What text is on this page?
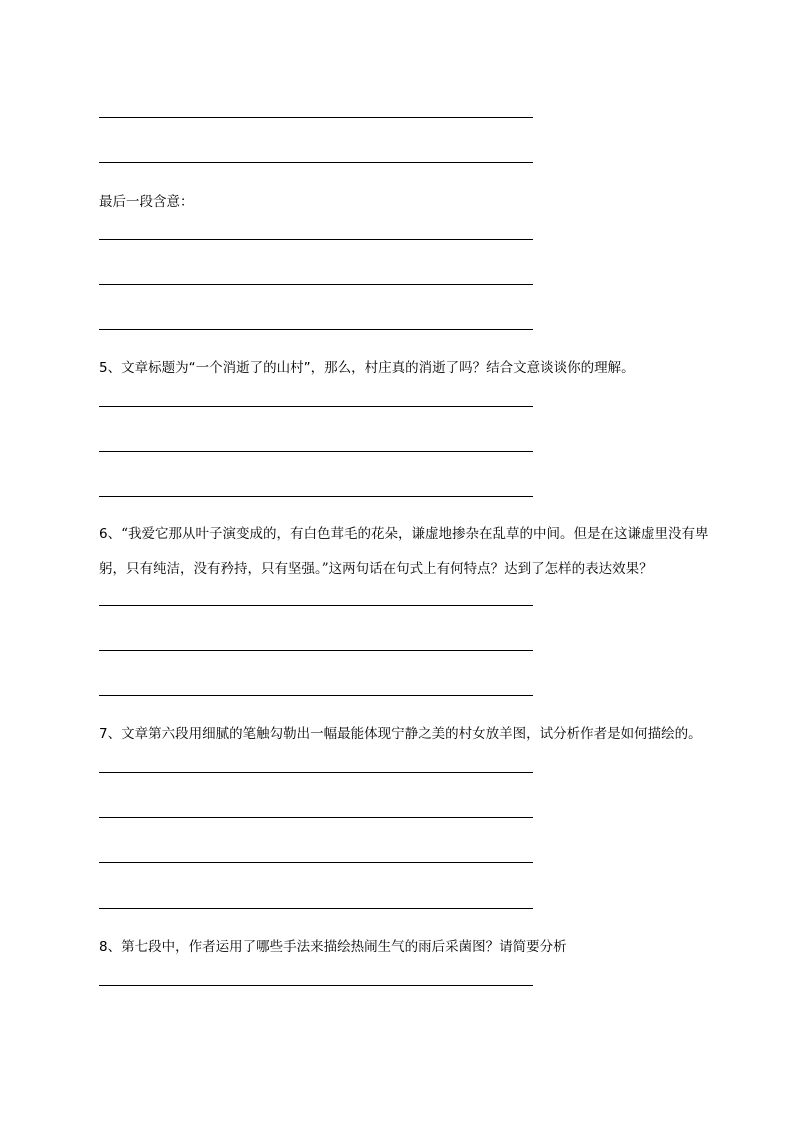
最后一段含意：
5、文章标题为“一个消逝了的山村”，那么，村庄真的消逝了吗？结合文意谈谈你的理解。
6、“我爱它那从叶子演变成的，有白色茸毛的花朵，谦虚地掺杂在乱草的中间。但是在这谦虚里没有卑躬，只有纯洁，没有矜持，只有坚强。”这两句话在句式上有何特点？达到了怎样的表达效果？
7、文章第六段用细腻的笔触勾勒出一幅最能体现宁静之美的村女放羊图，试分析作者是如何描绘的。
8、第七段中，作者运用了哪些手法来描绘热闹生气的雨后采菌图？请简要分析
